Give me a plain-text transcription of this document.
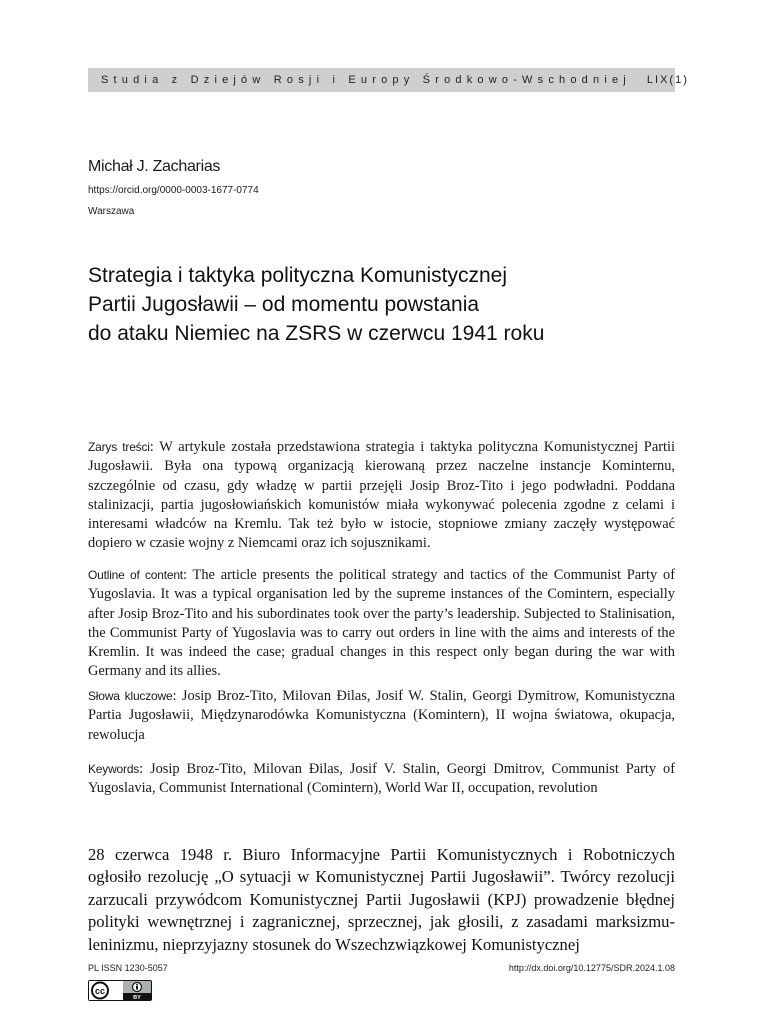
Studia z Dziejów Rosji i Europy Środkowo-Wschodniej LIX(1)
Michał J. Zacharias
https://orcid.org/0000-0003-1677-0774
Warszawa
Strategia i taktyka polityczna Komunistycznej
Partii Jugosławii – od momentu powstania
do ataku Niemiec na ZSRS w czerwcu 1941 roku

Zarys treści: W artykule została przedstawiona strategia i taktyka polityczna Komunistycznej Partii Jugosławii. Była ona typową organizacją kierowaną przez naczelne instancje Kominternu, szczególnie od czasu, gdy władzę w partii przejęli Josip Broz-Tito i jego podwładni. Poddana stalinizacji, partia jugosłowiańskich komunistów miała wykonywać polecenia zgodne z celami i interesami władców na Kremlu. Tak też było w istocie, stopniowe zmiany zaczęły występować dopiero w czasie wojny z Niemcami oraz ich sojusznikami.

Outline of content: The article presents the political strategy and tactics of the Communist Party of Yugoslavia. It was a typical organisation led by the supreme instances of the Comintern, especially after Josip Broz-Tito and his subordinates took over the party’s leadership. Subjected to Stalinisation, the Communist Party of Yugoslavia was to carry out orders in line with the aims and interests of the Kremlin. It was indeed the case; gradual changes in this respect only began during the war with Germany and its allies.

Słowa kluczowe: Josip Broz-Tito, Milovan Đilas, Josif W. Stalin, Georgi Dymitrow, Komunistyczna Partia Jugosławii, Międzynarodówka Komunistyczna (Komintern), II wojna światowa, okupacja, rewolucja

Keywords: Josip Broz-Tito, Milovan Đilas, Josif V. Stalin, Georgi Dmitrov, Communist Party of Yugoslavia, Communist International (Comintern), World War II, occupation, revolution

28 czerwca 1948 r. Biuro Informacyjne Partii Komunistycznych i Robotniczych ogłosiło rezolucję „O sytuacji w Komunistycznej Partii Jugosławii”. Twórcy rezolucji zarzucali przywódcom Komunistycznej Partii Jugosławii (KPJ) prowadzenie błędnej polityki wewnętrznej i zagranicznej, sprzecznej, jak głosili, z zasadami marksizmu-leninizmu, nieprzyjazny stosunek do Wszechzwiązkowej Komunistycznej

PL ISSN 1230-5057	http://dx.doi.org/10.12775/SDR.2024.1.08
cc
BY
